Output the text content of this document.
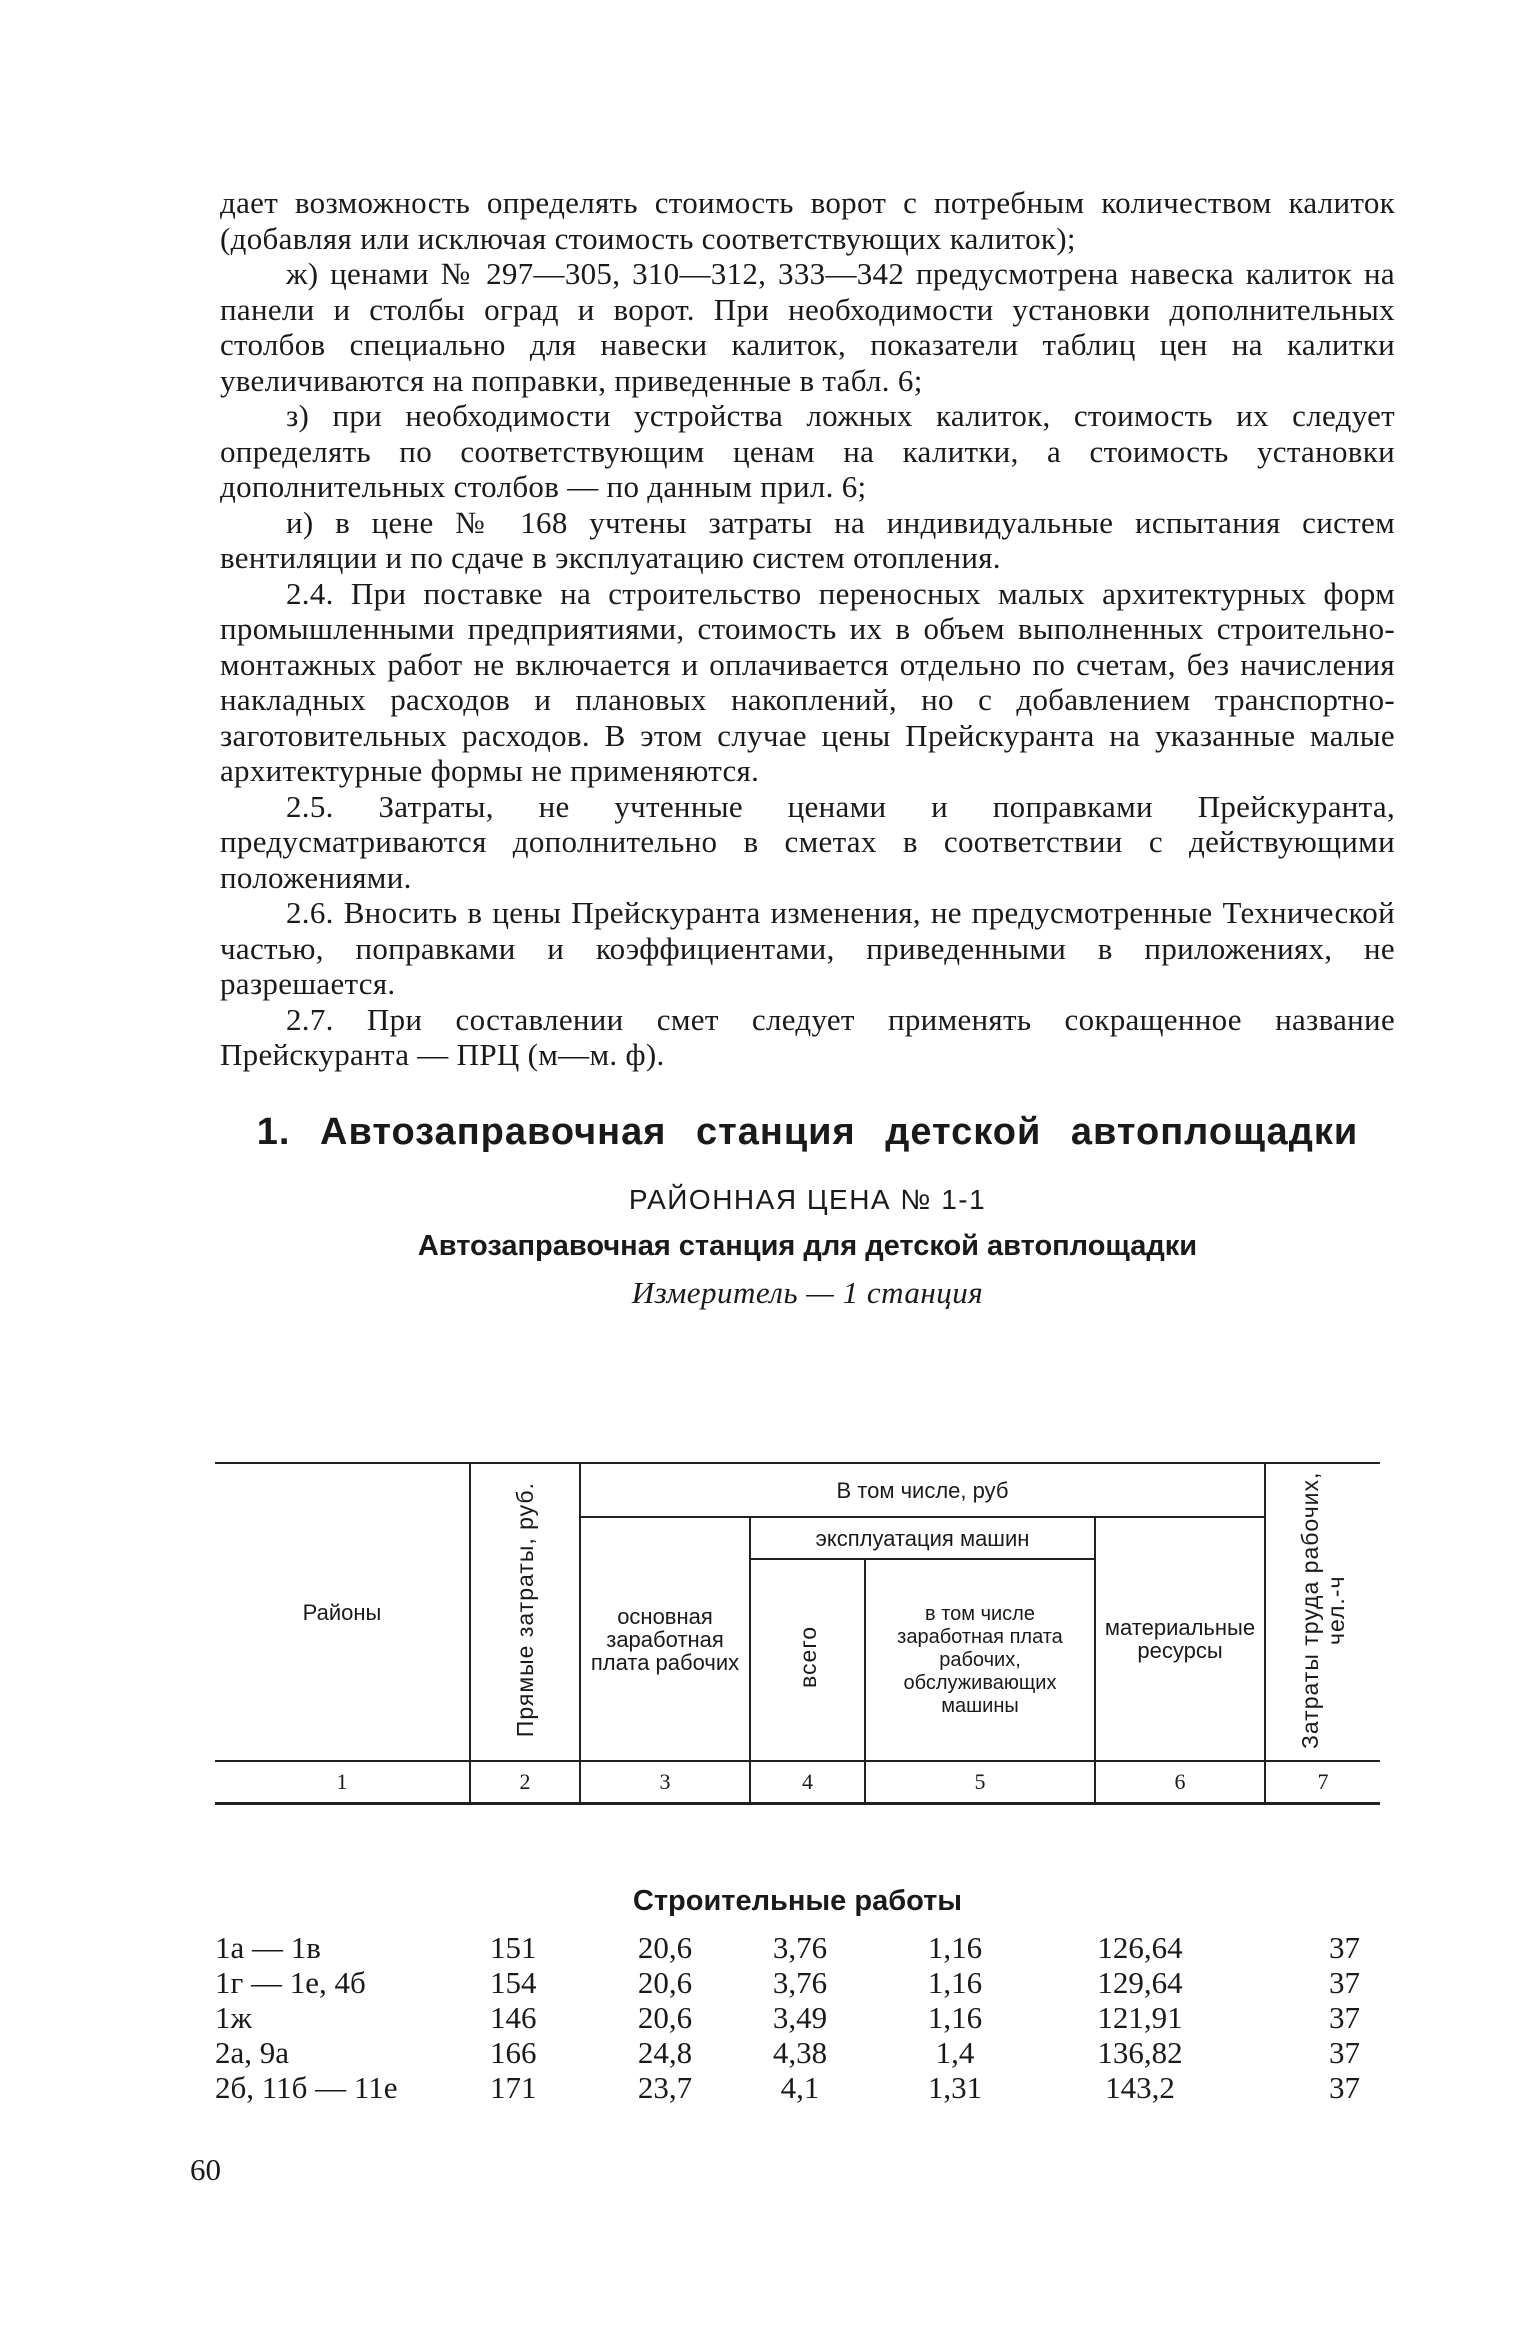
дает возможность определять стоимость ворот с потребным количеством калиток (добавляя или исключая стоимость соответствующих калиток);

ж) ценами № 297—305, 310—312, 333—342 предусмотрена навеска калиток на панели и столбы оград и ворот. При необходимости установки дополнительных столбов специально для навески калиток, показатели таблиц цен на калитки увеличиваются на поправки, приведенные в табл. 6;

з) при необходимости устройства ложных калиток, стоимость их следует определять по соответствующим ценам на калитки, а стоимость установки дополнительных столбов — по данным прил. 6;

и) в цене № 168 учтены затраты на индивидуальные испытания систем вентиляции и по сдаче в эксплуатацию систем отопления.

2.4. При поставке на строительство переносных малых архитектурных форм промышленными предприятиями, стоимость их в объем выполненных строительно-монтажных работ не включается и оплачивается отдельно по счетам, без начисления накладных расходов и плановых накоплений, но с добавлением транспортно-заготовительных расходов. В этом случае цены Прейскуранта на указанные малые архитектурные формы не применяются.

2.5. Затраты, не учтенные ценами и поправками Прейскуранта, предусматриваются дополнительно в сметах в соответствии с действующими положениями.

2.6. Вносить в цены Прейскуранта изменения, не предусмотренные Технической частью, поправками и коэффициентами, приведенными в приложениях, не разрешается.

2.7. При составлении смет следует применять сокращенное название Прейскуранта — ПРЦ (м—м. ф).

1. Автозаправочная станция детской автоплощадки
РАЙОННАЯ ЦЕНА № 1-1
Автозаправочная станция для детской автоплощадки
Измеритель — 1 станция
Районы	Прямые затраты, руб.	В том числе, руб				Затраты труда рабочих, чел.-ч
		основная заработная плата рабочих	эксплуатация машин		материальные ресурсы	
			всего	в том числе заработная плата рабочих, обслуживающих машины		
1	2	3	4	5	6	7
Строительные работы
1а — 1в	151	20,6	3,76	1,16	126,64	37
1г — 1е, 4б	154	20,6	3,76	1,16	129,64	37
1ж	146	20,6	3,49	1,16	121,91	37
2а, 9а	166	24,8	4,38	1,4	136,82	37
2б, 11б — 11е	171	23,7	4,1	1,31	143,2	37
60
